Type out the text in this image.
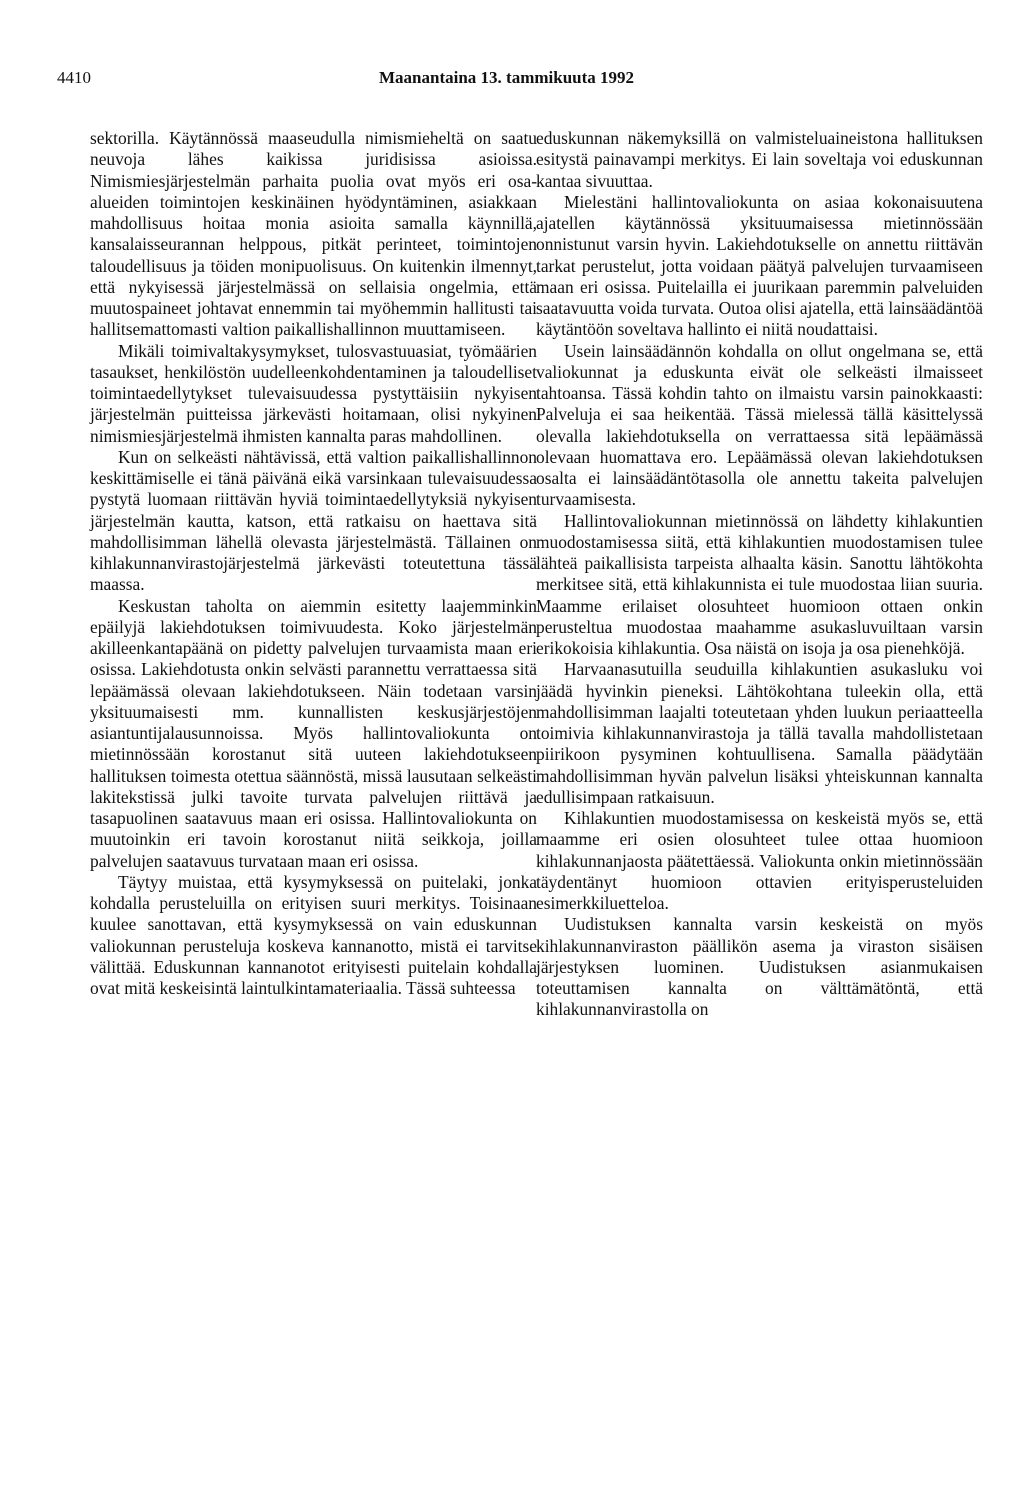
4410	Maanantaina 13. tammikuuta 1992

sektorilla. Käytännössä maaseudulla nimismieheltä on saatu neuvoja lähes kaikissa juridisissa asioissa. Nimismiesjärjestelmän parhaita puolia ovat myös eri osa-alueiden toimintojen keskinäinen hyödyntäminen, asiakkaan mahdollisuus hoitaa monia asioita samalla käynnillä, kansalaisseurannan helppous, pitkät perinteet, toimintojen taloudellisuus ja töiden monipuolisuus. On kuitenkin ilmennyt, että nykyisessä järjestelmässä on sellaisia ongelmia, että muutospaineet johtavat ennemmin tai myöhemmin hallitusti tai hallitsemattomasti valtion paikallishallinnon muuttamiseen.

Mikäli toimivaltakysymykset, tulosvastuuasiat, työmäärien tasaukset, henkilöstön uudelleenkohdentaminen ja taloudelliset toimintaedellytykset tulevaisuudessa pystyttäisiin nykyisen järjestelmän puitteissa järkevästi hoitamaan, olisi nykyinen nimismiesjärjestelmä ihmisten kannalta paras mahdollinen.

Kun on selkeästi nähtävissä, että valtion paikallishallinnon keskittämiselle ei tänä päivänä eikä varsinkaan tulevaisuudessa pystytä luomaan riittävän hyviä toimintaedellytyksiä nykyisen järjestelmän kautta, katson, että ratkaisu on haettava sitä mahdollisimman lähellä olevasta järjestelmästä. Tällainen on kihlakunnanvirastojärjestelmä järkevästi toteutettuna tässä maassa.

Keskustan taholta on aiemmin esitetty laajemminkin epäilyjä lakiehdotuksen toimivuudesta. Koko järjestelmän akilleenkantapäänä on pidetty palvelujen turvaamista maan eri osissa. Lakiehdotusta onkin selvästi parannettu verrattaessa sitä lepäämässä olevaan lakiehdotukseen. Näin todetaan varsin yksituumaisesti mm. kunnallisten keskusjärjestöjen asiantuntijalausunnoissa. Myös hallintovaliokunta on mietinnössään korostanut sitä uuteen lakiehdotukseen hallituksen toimesta otettua säännöstä, missä lausutaan selkeästi lakitekstissä julki tavoite turvata palvelujen riittävä ja tasapuolinen saatavuus maan eri osissa. Hallintovaliokunta on muutoinkin eri tavoin korostanut niitä seikkoja, joilla palvelujen saatavuus turvataan maan eri osissa.

Täytyy muistaa, että kysymyksessä on puitelaki, jonka kohdalla perusteluilla on erityisen suuri merkitys. Toisinaan kuulee sanottavan, että kysymyksessä on vain eduskunnan valiokunnan perusteluja koskeva kannanotto, mistä ei tarvitse välittää. Eduskunnan kannanotot erityisesti puitelain kohdalla ovat mitä keskeisintä laintulkintamateriaalia. Tässä suhteessa

eduskunnan näkemyksillä on valmisteluaineistona hallituksen esitystä painavampi merkitys. Ei lain soveltaja voi eduskunnan kantaa sivuuttaa.

Mielestäni hallintovaliokunta on asiaa kokonaisuutena ajatellen käytännössä yksituumaisessa mietinnössään onnistunut varsin hyvin. Lakiehdotukselle on annettu riittävän tarkat perustelut, jotta voidaan päätyä palvelujen turvaamiseen maan eri osissa. Puitelailla ei juurikaan paremmin palveluiden saatavuutta voida turvata. Outoa olisi ajatella, että lainsäädäntöä käytäntöön soveltava hallinto ei niitä noudattaisi.

Usein lainsäädännön kohdalla on ollut ongelmana se, että valiokunnat ja eduskunta eivät ole selkeästi ilmaisseet tahtoansa. Tässä kohdin tahto on ilmaistu varsin painokkaasti: Palveluja ei saa heikentää. Tässä mielessä tällä käsittelyssä olevalla lakiehdotuksella on verrattaessa sitä lepäämässä olevaan huomattava ero. Lepäämässä olevan lakiehdotuksen osalta ei lainsäädäntötasolla ole annettu takeita palvelujen turvaamisesta.

Hallintovaliokunnan mietinnössä on lähdetty kihlakuntien muodostamisessa siitä, että kihlakuntien muodostamisen tulee lähteä paikallisista tarpeista alhaalta käsin. Sanottu lähtökohta merkitsee sitä, että kihlakunnista ei tule muodostaa liian suuria. Maamme erilaiset olosuhteet huomioon ottaen onkin perusteltua muodostaa maahamme asukasluvuiltaan varsin erikokoisia kihlakuntia. Osa näistä on isoja ja osa pienehköjä.

Harvaanasutuilla seuduilla kihlakuntien asukasluku voi jäädä hyvinkin pieneksi. Lähtökohtana tuleekin olla, että mahdollisimman laajalti toteutetaan yhden luukun periaatteella toimivia kihlakunnanvirastoja ja tällä tavalla mahdollistetaan piirikoon pysyminen kohtuullisena. Samalla päädytään mahdollisimman hyvän palvelun lisäksi yhteiskunnan kannalta edullisimpaan ratkaisuun.

Kihlakuntien muodostamisessa on keskeistä myös se, että maamme eri osien olosuhteet tulee ottaa huomioon kihlakunnanjaosta päätettäessä. Valiokunta onkin mietinnössään täydentänyt huomioon ottavien erityisperusteluiden esimerkkiluetteloa.

Uudistuksen kannalta varsin keskeistä on myös kihlakunnanviraston päällikön asema ja viraston sisäisen järjestyksen luominen. Uudistuksen asianmukaisen toteuttamisen kannalta on välttämätöntä, että kihlakunnanvirastolla on
